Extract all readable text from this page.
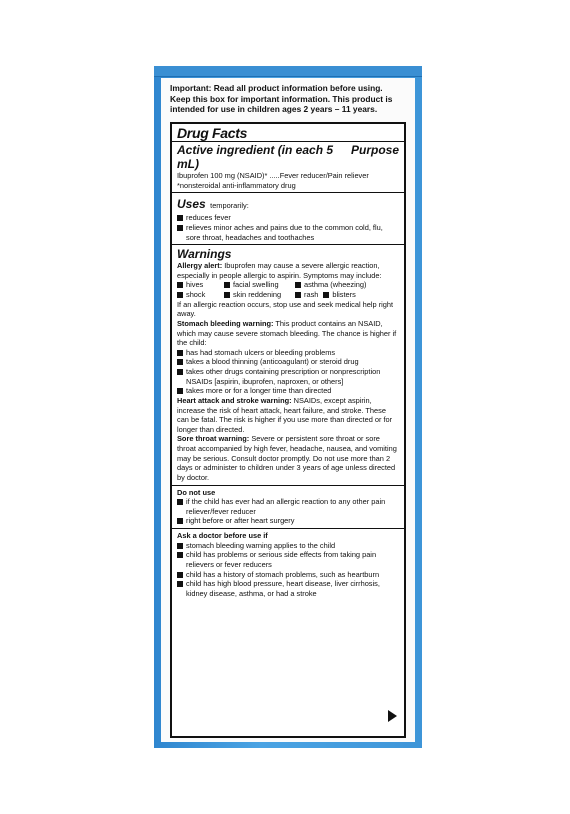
Important: Read all product information before using. Keep this box for important information. This product is intended for use in children ages 2 years – 11 years.
Drug Facts
Active ingredient (in each 5 mL)
Purpose
Ibuprofen 100 mg (NSAID)* .....Fever reducer/Pain reliever
*nonsteroidal anti-inflammatory drug
Uses temporarily:
reduces fever
relieves minor aches and pains due to the common cold, flu, sore throat, headaches and toothaches
Warnings
Allergy alert: Ibuprofen may cause a severe allergic reaction, especially in people allergic to aspirin. Symptoms may include:
hives	facial swelling	asthma (wheezing)
shock	skin reddening	rash blisters
If an allergic reaction occurs, stop use and seek medical help right away.
Stomach bleeding warning: This product contains an NSAID, which may cause severe stomach bleeding. The chance is higher if the child:
has had stomach ulcers or bleeding problems
takes a blood thinning (anticoagulant) or steroid drug
takes other drugs containing prescription or nonprescription NSAIDs [aspirin, ibuprofen, naproxen, or others]
takes more or for a longer time than directed
Heart attack and stroke warning: NSAIDs, except aspirin, increase the risk of heart attack, heart failure, and stroke. These can be fatal. The risk is higher if you use more than directed or for longer than directed.
Sore throat warning: Severe or persistent sore throat or sore throat accompanied by high fever, headache, nausea, and vomiting may be serious. Consult doctor promptly. Do not use more than 2 days or administer to children under 3 years of age unless directed by doctor.
Do not use
if the child has ever had an allergic reaction to any other pain reliever/fever reducer
right before or after heart surgery
Ask a doctor before use if
stomach bleeding warning applies to the child
child has problems or serious side effects from taking pain relievers or fever reducers
child has a history of stomach problems, such as heartburn
child has high blood pressure, heart disease, liver cirrhosis, kidney disease, asthma, or had a stroke
